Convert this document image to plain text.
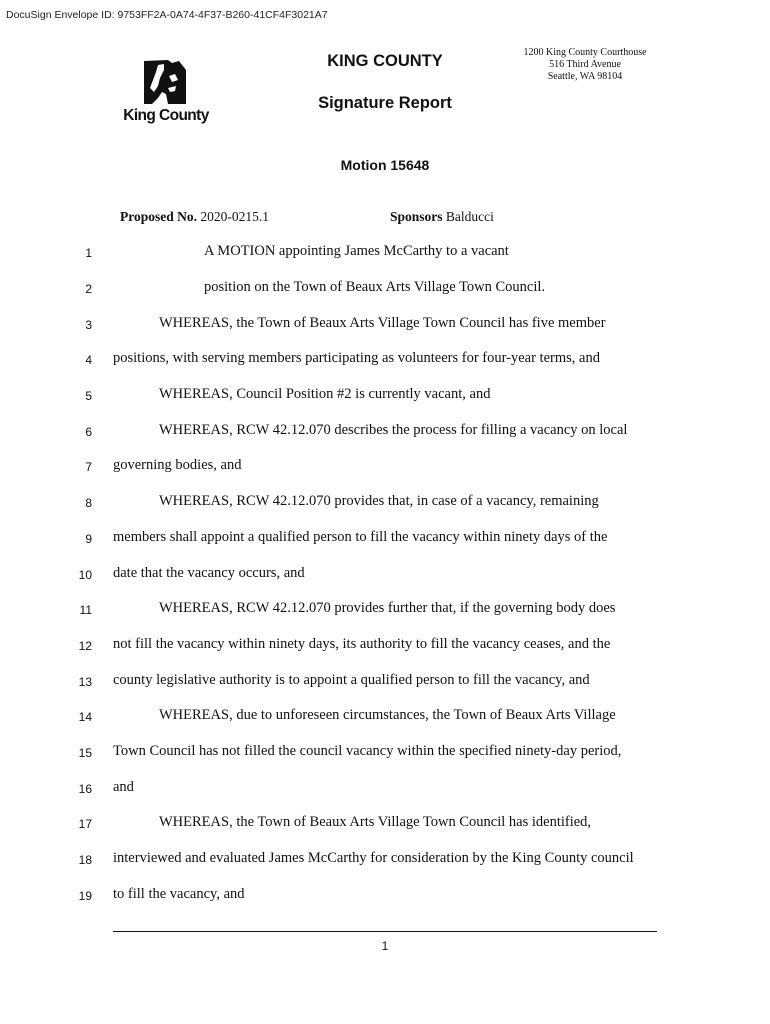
DocuSign Envelope ID: 9753FF2A-0A74-4F37-B260-41CF4F3021A7
King County
KING COUNTY	1200 King County Courthouse
516 Third Avenue
Seattle, WA 98104
Signature Report
Motion 15648
Proposed No. 2020-0215.1	Sponsors Balducci
1	A MOTION appointing James McCarthy to a vacant
2	position on the Town of Beaux Arts Village Town Council.
3	WHEREAS, the Town of Beaux Arts Village Town Council has five member
4 positions, with serving members participating as volunteers for four-year terms, and
5	WHEREAS, Council Position #2 is currently vacant, and
6	WHEREAS, RCW 42.12.070 describes the process for filling a vacancy on local
7 governing bodies, and
8	WHEREAS, RCW 42.12.070 provides that, in case of a vacancy, remaining
9 members shall appoint a qualified person to fill the vacancy within ninety days of the
10 date that the vacancy occurs, and
11	WHEREAS, RCW 42.12.070 provides further that, if the governing body does
12 not fill the vacancy within ninety days, its authority to fill the vacancy ceases, and the
13 county legislative authority is to appoint a qualified person to fill the vacancy, and
14	WHEREAS, due to unforeseen circumstances, the Town of Beaux Arts Village
15 Town Council has not filled the council vacancy within the specified ninety-day period,
16 and
17	WHEREAS, the Town of Beaux Arts Village Town Council has identified,
18 interviewed and evaluated James McCarthy for consideration by the King County council
19 to fill the vacancy, and
1
